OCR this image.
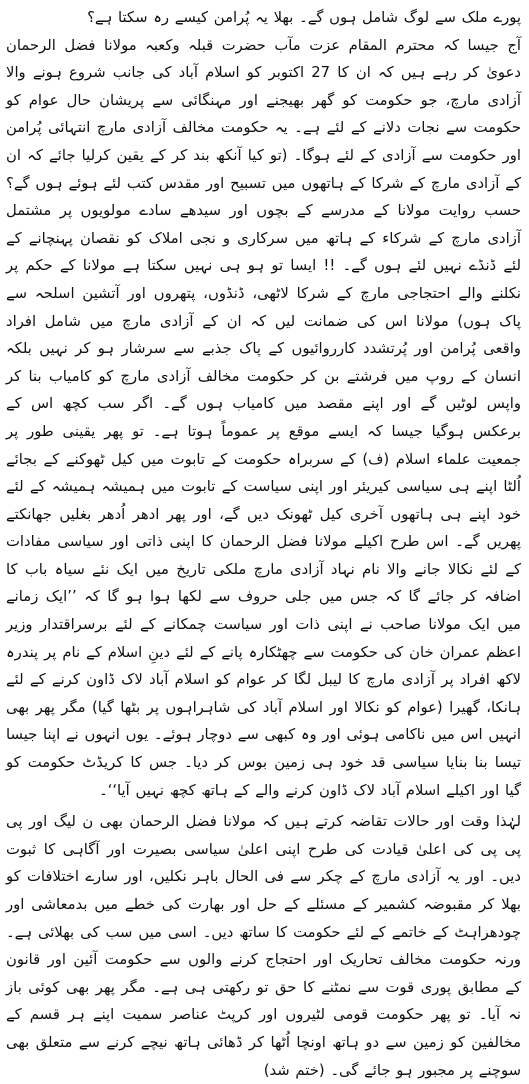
پورے ملک سے لوگ شامل ہوں گے۔ بھلا یہ پُرامن کیسے رہ سکتا ہے؟

آج جیسا کہ محترم المقام عزت مآب حضرت قبلہ وکعبہ مولانا فضل الرحمان دعویٰ کر رہے ہیں کہ ان کا 27 اکتوبر کو اسلام آباد کی جانب شروع ہونے والا آزادی مارچ، جو حکومت کو گھر بھیجنے اور مہنگائی سے پریشان حال عوام کو حکومت سے نجات دلانے کے لئے ہے۔ یہ حکومت مخالف آزادی مارچ انتہائی پُرامن اور حکومت سے آزادی کے لئے ہوگا۔ (تو کیا آنکھ بند کر کے یقین کرلیا جائے کہ ان کے آزادی مارچ کے شرکا کے ہاتھوں میں تسبیح اور مقدس کتب لئے ہوئے ہوں گے؟ حسب روایت مولانا کے مدرسے کے بچوں اور سیدھے سادے مولویوں پر مشتمل آزادی مارچ کے شرکاء کے ہاتھ میں سرکاری و نجی املاک کو نقصان پہنچانے کے لئے ڈنڈے نہیں لئے ہوں گے۔ !! ایسا تو ہو ہی نہیں سکتا ہے مولانا کے حکم پر نکلنے والے احتجاجی مارچ کے شرکا لاٹھی، ڈنڈوں، پتھروں اور آتشین اسلحہ سے پاک ہوں) مولانا اس کی ضمانت لیں کہ ان کے آزادی مارچ میں شامل افراد واقعی پُرامن اور پُرتشدد کارروائیوں کے پاک جذبے سے سرشار ہو کر نہیں بلکہ انسان کے روپ میں فرشتے بن کر حکومت مخالف آزادی مارچ کو کامیاب بنا کر واپس لوٹیں گے اور اپنے مقصد میں کامیاب ہوں گے۔ اگر سب کچھ اس کے برعکس ہوگیا جیسا کہ ایسے موقع پر عموماً ہوتا ہے۔ تو پھر یقینی طور پر جمعیت علماء اسلام (ف) کے سربراہ حکومت کے تابوت میں کیل ٹھوکنے کے بجائے اُلٹا اپنے ہی سیاسی کیریئر اور اپنی سیاست کے تابوت میں ہمیشہ ہمیشہ کے لئے خود اپنے ہی ہاتھوں آخری کیل ٹھونک دیں گے، اور پھر ادھر اُدھر بغلیں جھانکتے پھریں گے۔ اس طرح اکیلے مولانا فضل الرحمان کا اپنی ذاتی اور سیاسی مفادات کے لئے نکالا جانے والا نام نہاد آزادی مارچ ملکی تاریخ میں ایک نئے سیاہ باب کا اضافہ کر جائے گا کہ جس میں جلی حروف سے لکھا ہوا ہو گا کہ ’’ایک زمانے میں ایک مولانا صاحب نے اپنی ذات اور سیاست چمکانے کے لئے برسراقتدار وزیر اعظم عمران خان کی حکومت سے چھٹکارہ پانے کے لئے دینِ اسلام کے نام پر پندرہ لاکھ افراد پر آزادی مارچ کا لیبل لگا کر عوام کو اسلام آباد لاک ڈاون کرنے کے لئے ہانکا، گھیرا (عوام کو نکالا اور اسلام آباد کی شاہراہوں پر بٹھا گیا) مگر پھر بھی انہیں اس میں ناکامی ہوئی اور وہ کبھی سے دوچار ہوئے۔ یوں انہوں نے اپنا جیسا تیسا بنا بنایا سیاسی قد خود ہی زمین بوس کر دیا۔ جس کا کریڈٹ حکومت کو گیا اور اکیلے اسلام آباد لاک ڈاون کرنے والے کے ہاتھ کچھ نہیں آیا‘‘۔

لہٰذا وقت اور حالات تقاضہ کرتے ہیں کہ مولانا فضل الرحمان بھی ن لیگ اور پی پی پی کی اعلیٰ قیادت کی طرح اپنی اعلیٰ سیاسی بصیرت اور آگاہی کا ثبوت دیں۔ اور یہ آزادی مارچ کے چکر سے فی الحال باہر نکلیں، اور سارے اختلافات کو بھلا کر مقبوضہ کشمیر کے مسئلے کے حل اور بھارت کی خطے میں بدمعاشی اور چودھراہٹ کے خاتمے کے لئے حکومت کا ساتھ دیں۔ اسی میں سب کی بھلائی ہے۔ ورنہ حکومت مخالف تحاریک اور احتجاج کرنے والوں سے حکومت آئین اور قانون کے مطابق پوری قوت سے نمٹنے کا حق تو رکھتی ہی ہے۔ مگر پھر بھی کوئی باز نہ آیا۔ تو پھر حکومت قومی لٹیروں اور کرپٹ عناصر سمیت اپنے ہر قسم کے مخالفین کو زمین سے دو ہاتھ اونچا اُٹھا کر ڈھائی ہاتھ نیچے کرنے سے متعلق بھی سوچنے پر مجبور ہو جائے گی۔ (ختم شد)
